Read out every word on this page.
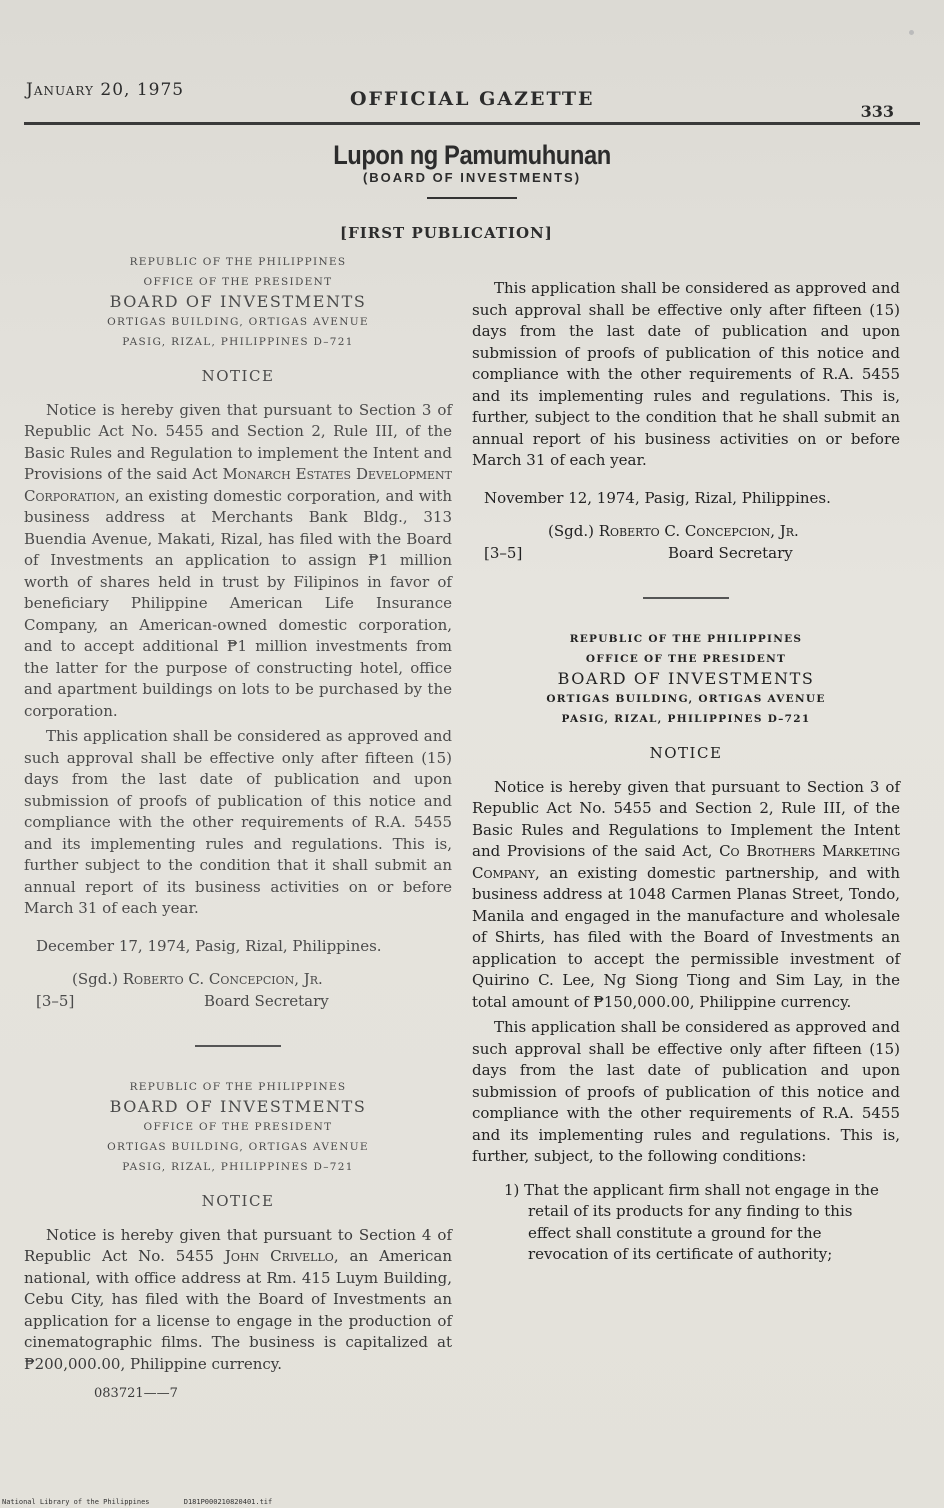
January 20, 1975	OFFICIAL GAZETTE
333
Lupon ng Pamumuhunan
(BOARD OF INVESTMENTS)
[FIRST PUBLICATION]
REPUBLIC OF THE PHILIPPINES
OFFICE OF THE PRESIDENT
BOARD OF INVESTMENTS
ORTIGAS BUILDING, ORTIGAS AVENUE
PASIG, RIZAL, PHILIPPINES D–721
NOTICE

Notice is hereby given that pursuant to Section 3 of Republic Act No. 5455 and Section 2, Rule III, of the Basic Rules and Regulation to implement the Intent and Provisions of the said Act Monarch Estates Development Corporation, an existing domestic corporation, and with business address at Merchants Bank Bldg., 313 Buendia Avenue, Makati, Rizal, has filed with the Board of Investments an application to assign ₱1 million worth of shares held in trust by Filipinos in favor of beneficiary Philippine American Life Insurance Company, an American-owned domestic corporation, and to accept additional ₱1 million investments from the latter for the purpose of constructing hotel, office and apartment buildings on lots to be purchased by the corporation.

This application shall be considered as approved and such approval shall be effective only after fifteen (15) days from the last date of publication and upon submission of proofs of publication of this notice and compliance with the other requirements of R.A. 5455 and its implementing rules and regulations. This is, further subject to the condition that it shall submit an annual report of its business activities on or before March 31 of each year.

December 17, 1974, Pasig, Rizal, Philippines.

(Sgd.) Roberto C. Concepcion, Jr.
[3–5]	Board Secretary
REPUBLIC OF THE PHILIPPINES
BOARD OF INVESTMENTS
OFFICE OF THE PRESIDENT
ORTIGAS BUILDING, ORTIGAS AVENUE
PASIG, RIZAL, PHILIPPINES D–721
NOTICE

Notice is hereby given that pursuant to Section 4 of Republic Act No. 5455 John Crivello, an American national, with office address at Rm. 415 Luym Building, Cebu City, has filed with the Board of Investments an application for a license to engage in the production of cinematographic films. The business is capitalized at ₱200,000.00, Philippine currency.

083721——7

This application shall be considered as approved and such approval shall be effective only after fifteen (15) days from the last date of publication and upon submission of proofs of publication of this notice and compliance with the other requirements of R.A. 5455 and its implementing rules and regulations. This is, further, subject to the condition that he shall submit an annual report of his business activities on or before March 31 of each year.

November 12, 1974, Pasig, Rizal, Philippines.

(Sgd.) Roberto C. Concepcion, Jr.
[3–5]	Board Secretary
REPUBLIC OF THE PHILIPPINES
OFFICE OF THE PRESIDENT
BOARD OF INVESTMENTS
ORTIGAS BUILDING, ORTIGAS AVENUE
PASIG, RIZAL, PHILIPPINES D–721
NOTICE

Notice is hereby given that pursuant to Section 3 of Republic Act No. 5455 and Section 2, Rule III, of the Basic Rules and Regulations to Implement the Intent and Provisions of the said Act, Co Brothers Marketing Company, an existing domestic partnership, and with business address at 1048 Carmen Planas Street, Tondo, Manila and engaged in the manufacture and wholesale of Shirts, has filed with the Board of Investments an application to accept the permissible investment of Quirino C. Lee, Ng Siong Tiong and Sim Lay, in the total amount of ₱150,000.00, Philippine currency.

This application shall be considered as approved and such approval shall be effective only after fifteen (15) days from the last date of publication and upon submission of proofs of publication of this notice and compliance with the other requirements of R.A. 5455 and its implementing rules and regulations. This is, further, subject, to the following conditions:

1) That the applicant firm shall not engage in the retail of its products for any finding to this effect shall constitute a ground for the revocation of its certificate of authority;

National Library of the Philippines	D181P000210820401.tif
